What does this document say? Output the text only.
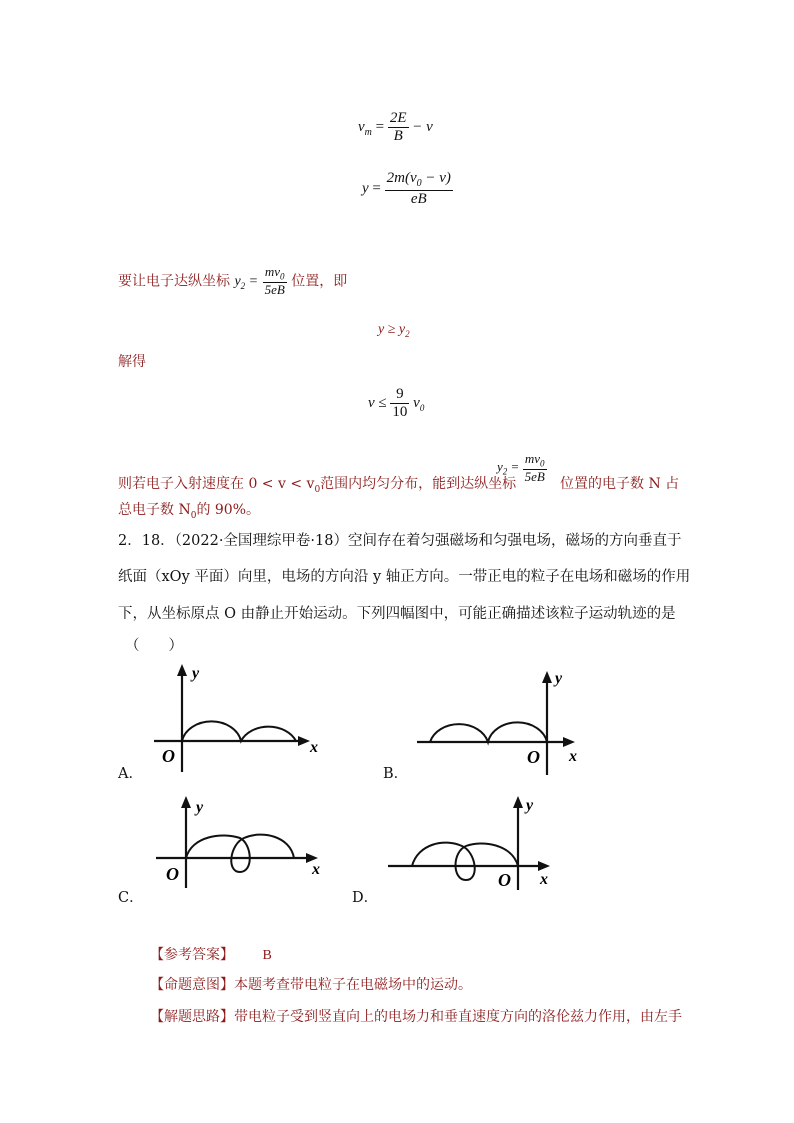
$v_m = \frac{2E}{B} - v$
$y = \frac{2m(v_0 - v)}{eB}$
要让电子达纵坐标 $y_2 = \frac{mv_0}{5eB}$ 位置，即
$y \ge y_2$
解得
$v \le \frac{9}{10} v_0$
则若电子入射速度在 $0 < v < v_0$范围内均匀分布，能到达纵坐标
$y_2 = \frac{mv_0}{5eB}$ 位置的电子数 N 占
总电子数 $N_0$的 90%。
2．18．（2022·全国理综甲卷·18）空间存在着匀强磁场和匀强电场，磁场的方向垂直于
纸面（xOy 平面）向里，电场的方向沿 y 轴正方向。一带正电的粒子在电场和磁场的作用
下，从坐标原点 O 由静止开始运动。下列四幅图中，可能正确描述该粒子运动轨迹的是
（　　）
y
x
O
A．
y
x
O
B．
y
x
O
C．
y
x
O
D．
【参考答案】 B
【命题意图】本题考查带电粒子在电磁场中的运动。
【解题思路】带电粒子受到竖直向上的电场力和垂直速度方向的洛伦兹力作用，由左手
